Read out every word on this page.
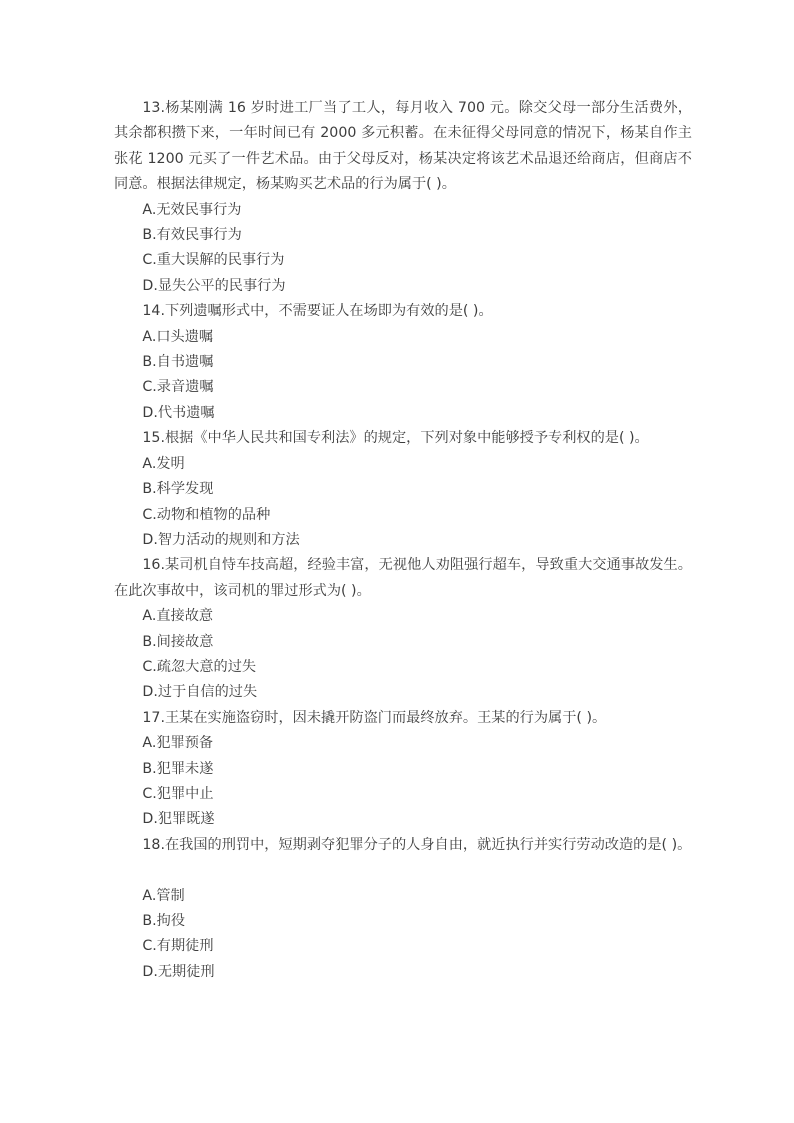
13.杨某刚满 16 岁时进工厂当了工人，每月收入 700 元。除交父母一部分生活费外，其余都积攒下来，一年时间已有 2000 多元积蓄。在未征得父母同意的情况下，杨某自作主张花 1200 元买了一件艺术品。由于父母反对，杨某决定将该艺术品退还给商店，但商店不同意。根据法律规定，杨某购买艺术品的行为属于( )。

A.无效民事行为

B.有效民事行为

C.重大误解的民事行为

D.显失公平的民事行为

14.下列遗嘱形式中，不需要证人在场即为有效的是( )。

A.口头遗嘱

B.自书遗嘱

C.录音遗嘱

D.代书遗嘱

15.根据《中华人民共和国专利法》的规定，下列对象中能够授予专利权的是( )。

A.发明

B.科学发现

C.动物和植物的品种

D.智力活动的规则和方法

16.某司机自恃车技高超，经验丰富，无视他人劝阻强行超车，导致重大交通事故发生。在此次事故中，该司机的罪过形式为( )。

A.直接故意

B.间接故意

C.疏忽大意的过失

D.过于自信的过失

17.王某在实施盗窃时，因未撬开防盗门而最终放弃。王某的行为属于( )。

A.犯罪预备

B.犯罪未遂

C.犯罪中止

D.犯罪既遂

18.在我国的刑罚中，短期剥夺犯罪分子的人身自由，就近执行并实行劳动改造的是( )。

A.管制

B.拘役

C.有期徒刑

D.无期徒刑
